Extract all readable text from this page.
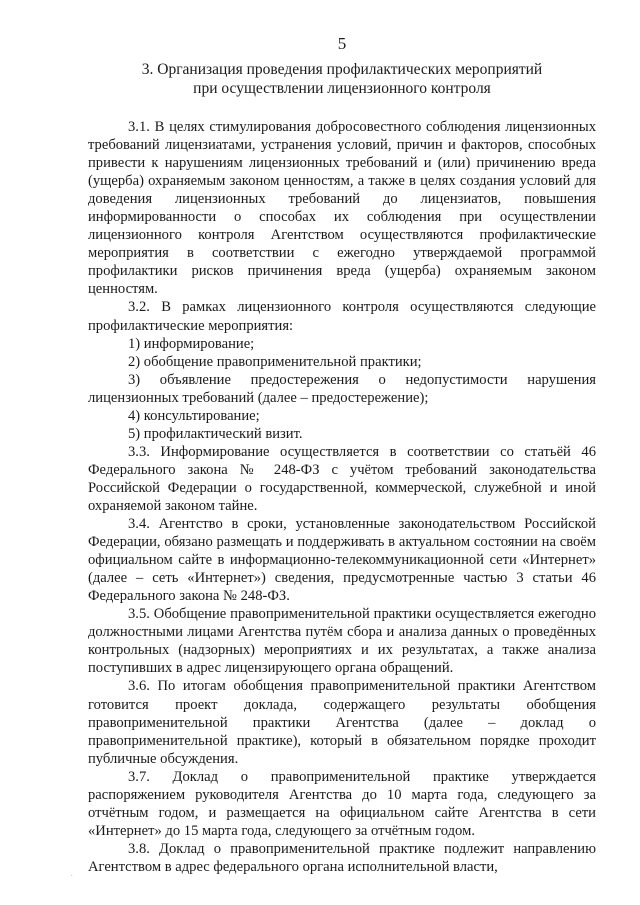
5
3. Организация проведения профилактических мероприятий
при осуществлении лицензионного контроля

3.1. В целях стимулирования добросовестного соблюдения лицензионных требований лицензиатами, устранения условий, причин и факторов, способных привести к нарушениям лицензионных требований и (или) причинению вреда (ущерба) охраняемым законом ценностям, а также в целях создания условий для доведения лицензионных требований до лицензиатов, повышения информированности о способах их соблюдения при осуществлении лицензионного контроля Агентством осуществляются профилактические мероприятия в соответствии с ежегодно утверждаемой программой профилактики рисков причинения вреда (ущерба) охраняемым законом ценностям.

3.2. В рамках лицензионного контроля осуществляются следующие профилактические мероприятия:

1) информирование;

2) обобщение правоприменительной практики;

3) объявление предостережения о недопустимости нарушения лицензионных требований (далее – предостережение);

4) консультирование;

5) профилактический визит.

3.3. Информирование осуществляется в соответствии со статьёй 46 Федерального закона № 248-ФЗ с учётом требований законодательства Российской Федерации о государственной, коммерческой, служебной и иной охраняемой законом тайне.

3.4. Агентство в сроки, установленные законодательством Российской Федерации, обязано размещать и поддерживать в актуальном состоянии на своём официальном сайте в информационно-телекоммуникационной сети «Интернет» (далее – сеть «Интернет») сведения, предусмотренные частью 3 статьи 46 Федерального закона № 248-ФЗ.

3.5. Обобщение правоприменительной практики осуществляется ежегодно должностными лицами Агентства путём сбора и анализа данных о проведённых контрольных (надзорных) мероприятиях и их результатах, а также анализа поступивших в адрес лицензирующего органа обращений.

3.6. По итогам обобщения правоприменительной практики Агентством готовится проект доклада, содержащего результаты обобщения правоприменительной практики Агентства (далее – доклад о правоприменительной практике), который в обязательном порядке проходит публичные обсуждения.

3.7. Доклад о правоприменительной практике утверждается распоряжением руководителя Агентства до 10 марта года, следующего за отчётным годом, и размещается на официальном сайте Агентства в сети «Интернет» до 15 марта года, следующего за отчётным годом.

3.8. Доклад о правоприменительной практике подлежит направлению Агентством в адрес федерального органа исполнительной власти,

·
